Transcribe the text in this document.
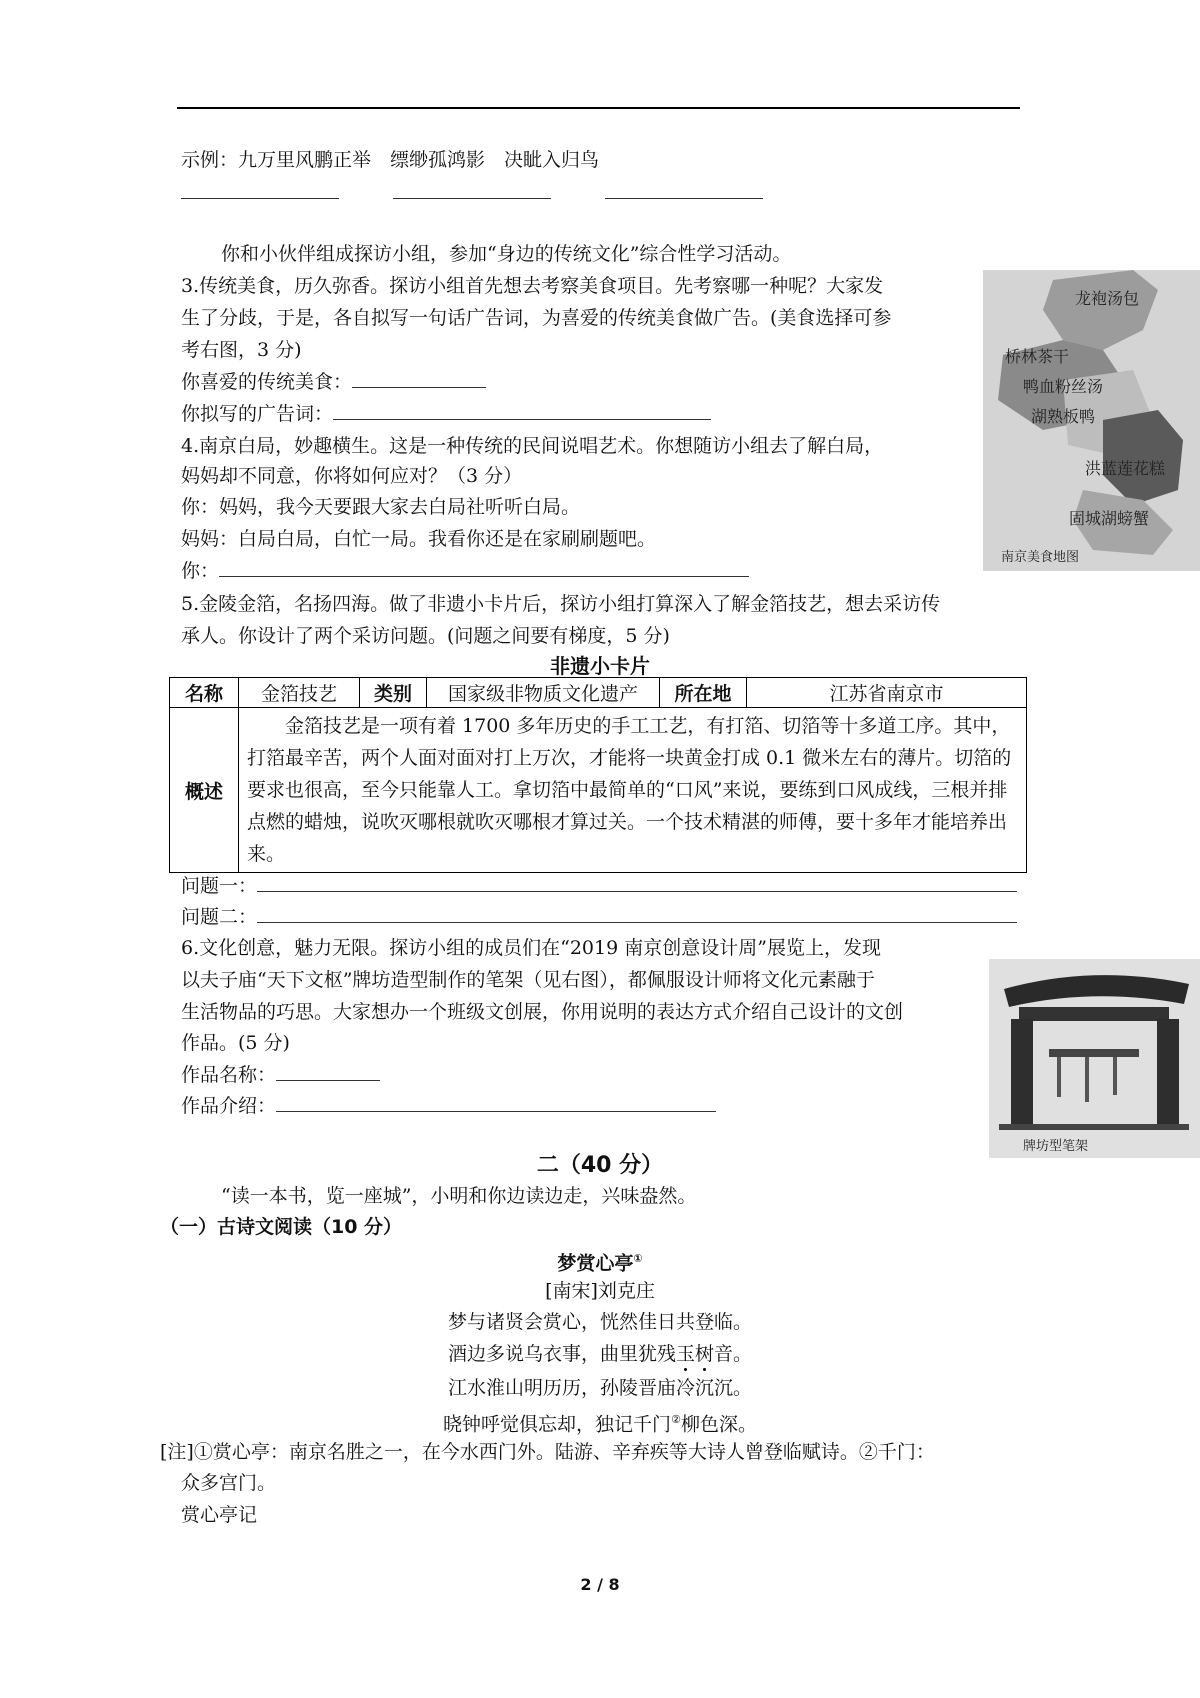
示例：九万里风鹏正举　缥缈孤鸿影　决眦入归鸟

你和小伙伴组成探访小组，参加“身边的传统文化”综合性学习活动。
3.传统美食，历久弥香。探访小组首先想去考察美食项目。先考察哪一种呢？大家发
生了分歧，于是，各自拟写一句话广告词，为喜爱的传统美食做广告。(美食选择可参
考右图，3 分)
你喜爱的传统美食：
你拟写的广告词：
龙袍汤包
桥林茶干
鸭血粉丝汤
湖熟板鸭
洪蓝莲花糕
固城湖螃蟹
南京美食地图
4.南京白局，妙趣横生。这是一种传统的民间说唱艺术。你想随访小组去了解白局，
妈妈却不同意，你将如何应对？（3 分）
你：妈妈，我今天要跟大家去白局社听听白局。
妈妈：白局白局，白忙一局。我看你还是在家刷刷题吧。
你：
5.金陵金箔，名扬四海。做了非遗小卡片后，探访小组打算深入了解金箔技艺，想去采访传
承人。你设计了两个采访问题。(问题之间要有梯度，5 分)
非遗小卡片
名称	金箔技艺	类别	国家级非物质文化遗产	所在地	江苏省南京市
概述	金箔技艺是一项有着 1700 多年历史的手工工艺，有打箔、切箔等十多道工序。其中，打箔最辛苦，两个人面对面对打上万次，才能将一块黄金打成 0.1 微米左右的薄片。切箔的要求也很高，至今只能靠人工。拿切箔中最简单的“口风”来说，要练到口风成线，三根并排点燃的蜡烛，说吹灭哪根就吹灭哪根才算过关。一个技术精湛的师傅，要十多年才能培养出来。				
问题一：
问题二：
6.文化创意，魅力无限。探访小组的成员们在“2019 南京创意设计周”展览上，发现
以夫子庙“天下文枢”牌坊造型制作的笔架（见右图），都佩服设计师将文化元素融于
生活物品的巧思。大家想办一个班级文创展，你用说明的表达方式介绍自己设计的文创
作品。(5 分)
作品名称：
作品介绍：
牌坊型笔架
二（40 分）
“读一本书，览一座城”，小明和你边读边走，兴味盎然。
（一）古诗文阅读（10 分）
梦赏心亭①
[南宋]刘克庄
梦与诸贤会赏心，恍然佳日共登临。
酒边多说乌衣事，曲里犹残玉树音。
江水淮山明历历，孙陵晋庙冷沉沉。
晓钟呼觉俱忘却，独记千门②柳色深。
[注]①赏心亭：南京名胜之一，在今水西门外。陆游、辛弃疾等大诗人曾登临赋诗。②千门：
众多宫门。
赏心亭记
2 / 8
